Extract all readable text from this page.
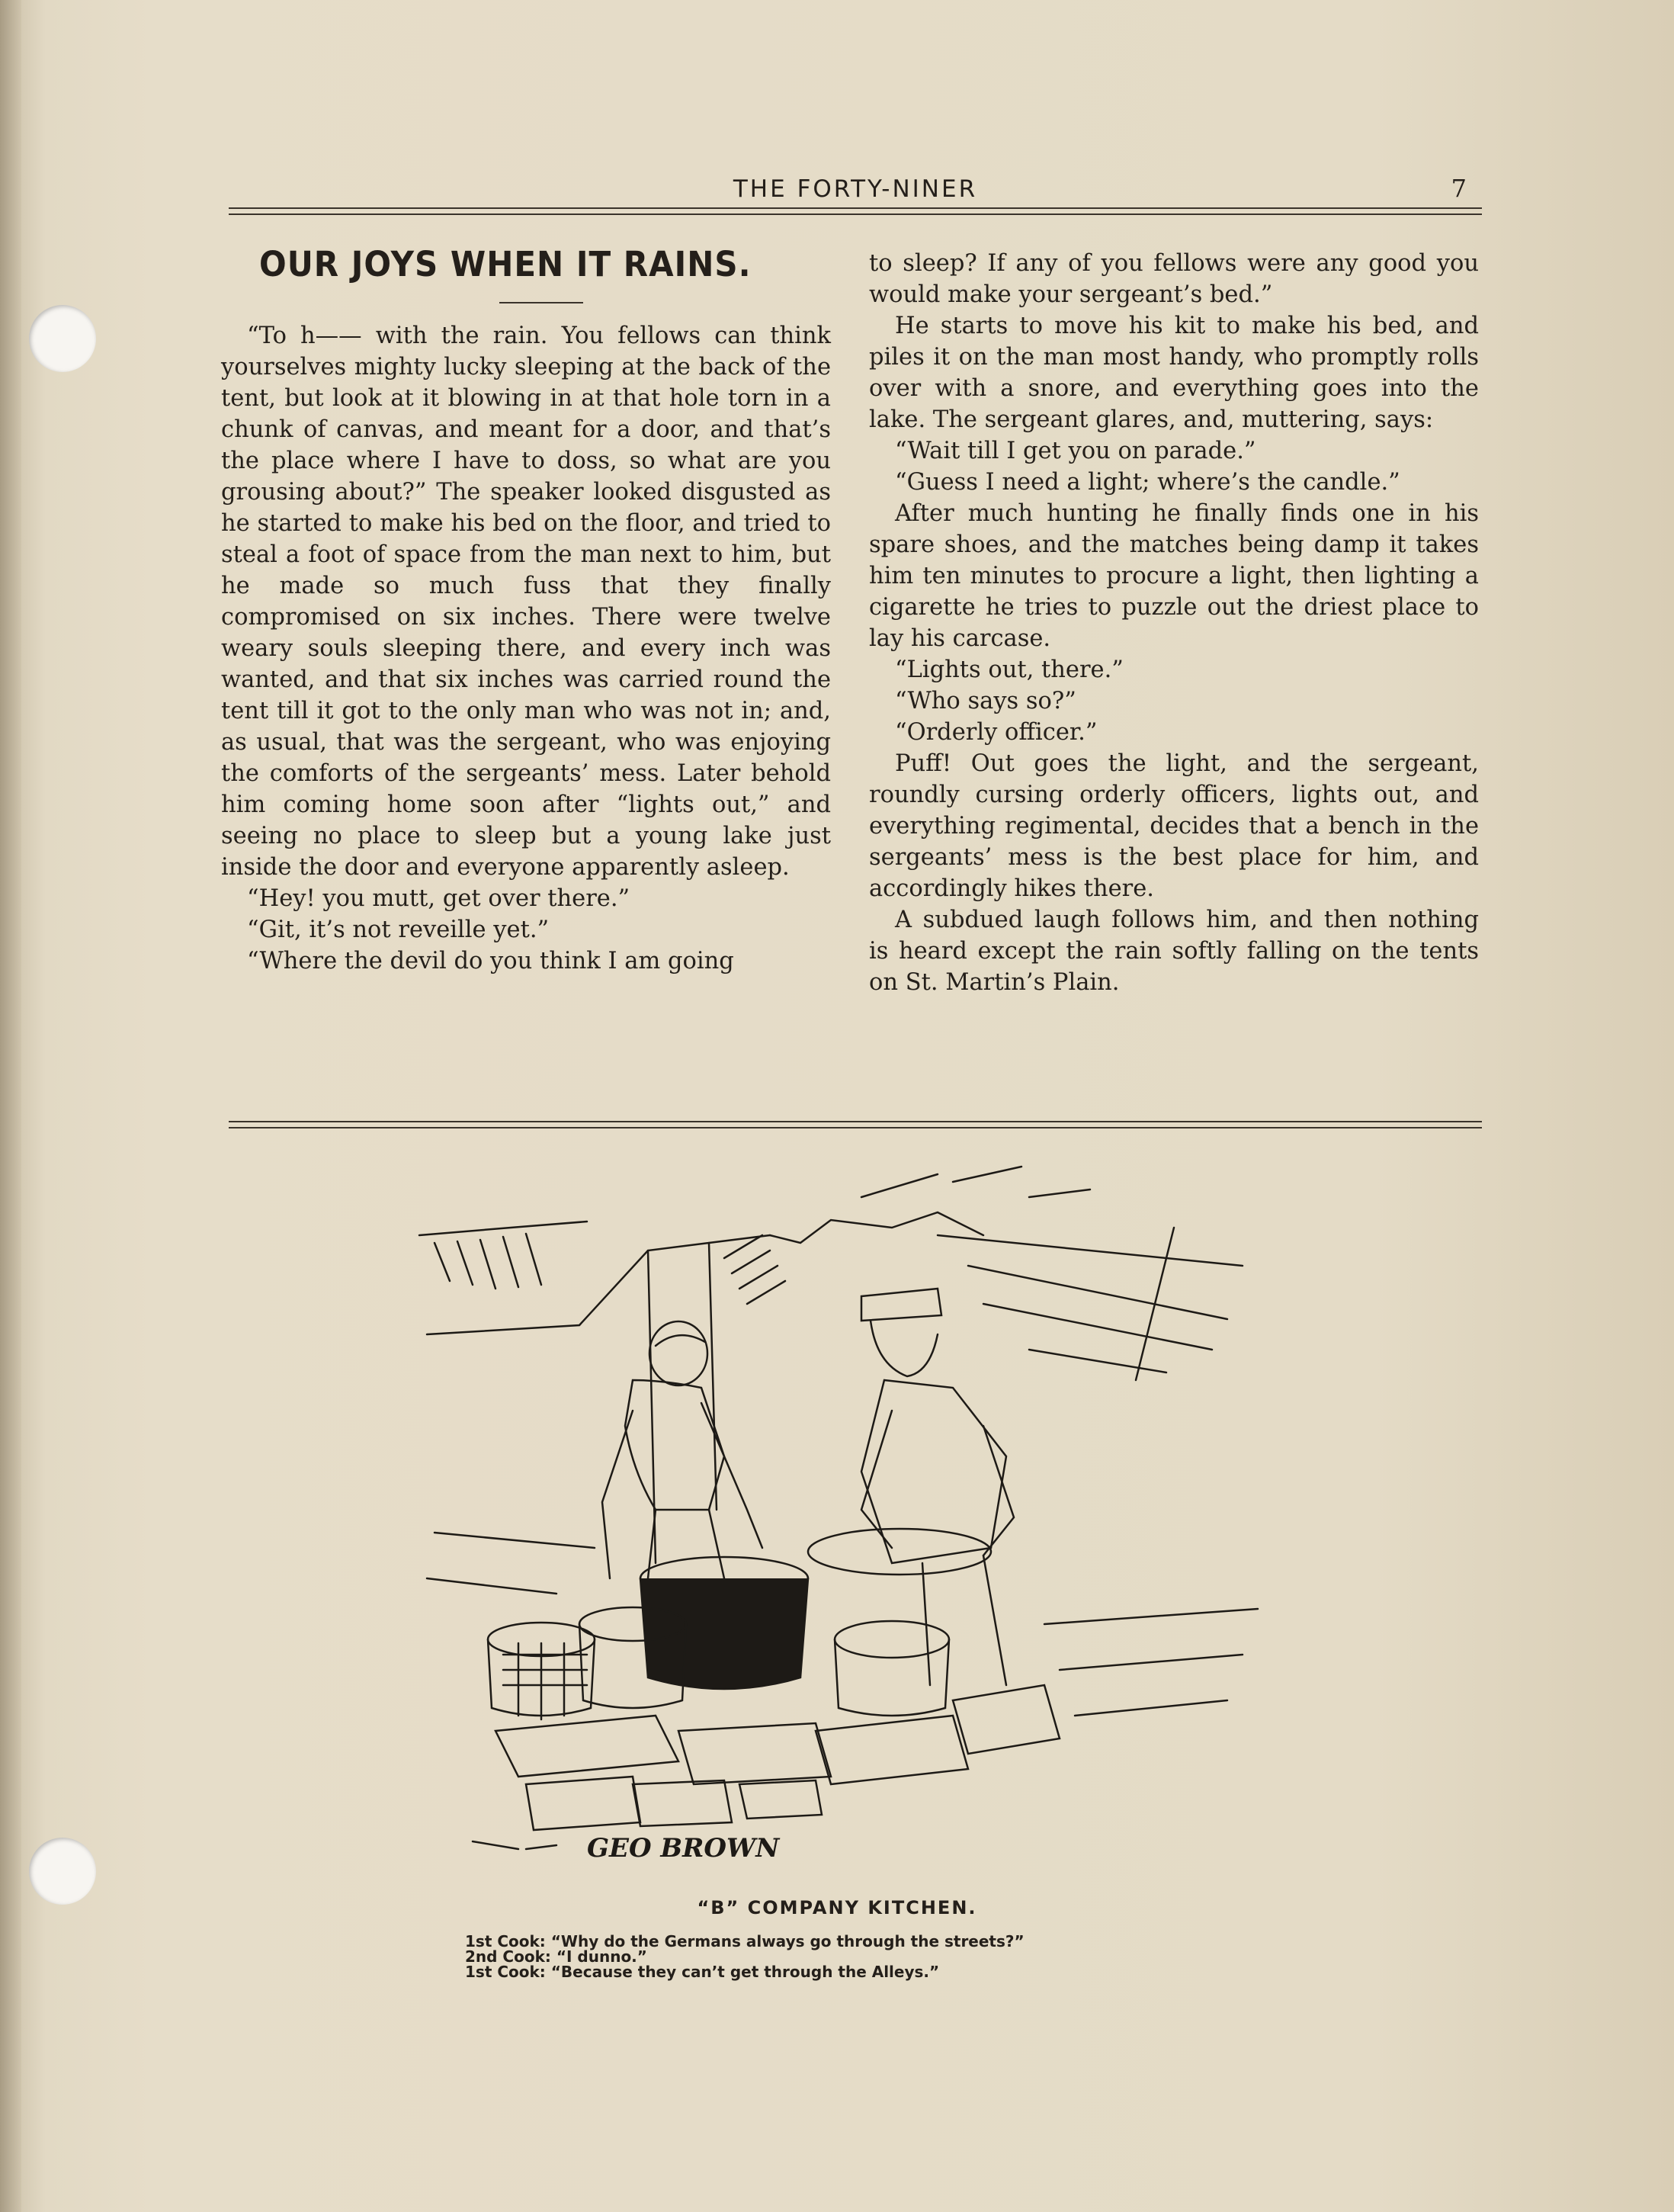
THE FORTY-NINER	7
OUR JOYS WHEN IT RAINS.

“To h—— with the rain. You fellows can think yourselves mighty lucky sleeping at the back of the tent, but look at it blowing in at that hole torn in a chunk of canvas, and meant for a door, and that’s the place where I have to doss, so what are you grousing about?” The speaker looked disgusted as he started to make his bed on the floor, and tried to steal a foot of space from the man next to him, but he made so much fuss that they finally compromised on six inches. There were twelve weary souls sleeping there, and every inch was wanted, and that six inches was carried round the tent till it got to the only man who was not in; and, as usual, that was the sergeant, who was enjoying the comforts of the sergeants’ mess. Later behold him coming home soon after “lights out,” and seeing no place to sleep but a young lake just inside the door and everyone apparently asleep.

“Hey! you mutt, get over there.”

“Git, it’s not reveille yet.”

“Where the devil do you think I am going

to sleep? If any of you fellows were any good you would make your sergeant’s bed.”

He starts to move his kit to make his bed, and piles it on the man most handy, who promptly rolls over with a snore, and everything goes into the lake. The sergeant glares, and, muttering, says:

“Wait till I get you on parade.”

“Guess I need a light; where’s the candle.”

After much hunting he finally finds one in his spare shoes, and the matches being damp it takes him ten minutes to procure a light, then lighting a cigarette he tries to puzzle out the driest place to lay his carcase.

“Lights out, there.”

“Who says so?”

“Orderly officer.”

Puff! Out goes the light, and the sergeant, roundly cursing orderly officers, lights out, and everything regimental, decides that a bench in the sergeants’ mess is the best place for him, and accordingly hikes there.

A subdued laugh follows him, and then nothing is heard except the rain softly falling on the tents on St. Martin’s Plain.

GEO BROWN
“B” COMPANY KITCHEN.
1st Cook: “Why do the Germans always go through the streets?”
2nd Cook: “I dunno.”
1st Cook: “Because they can’t get through the Alleys.”
